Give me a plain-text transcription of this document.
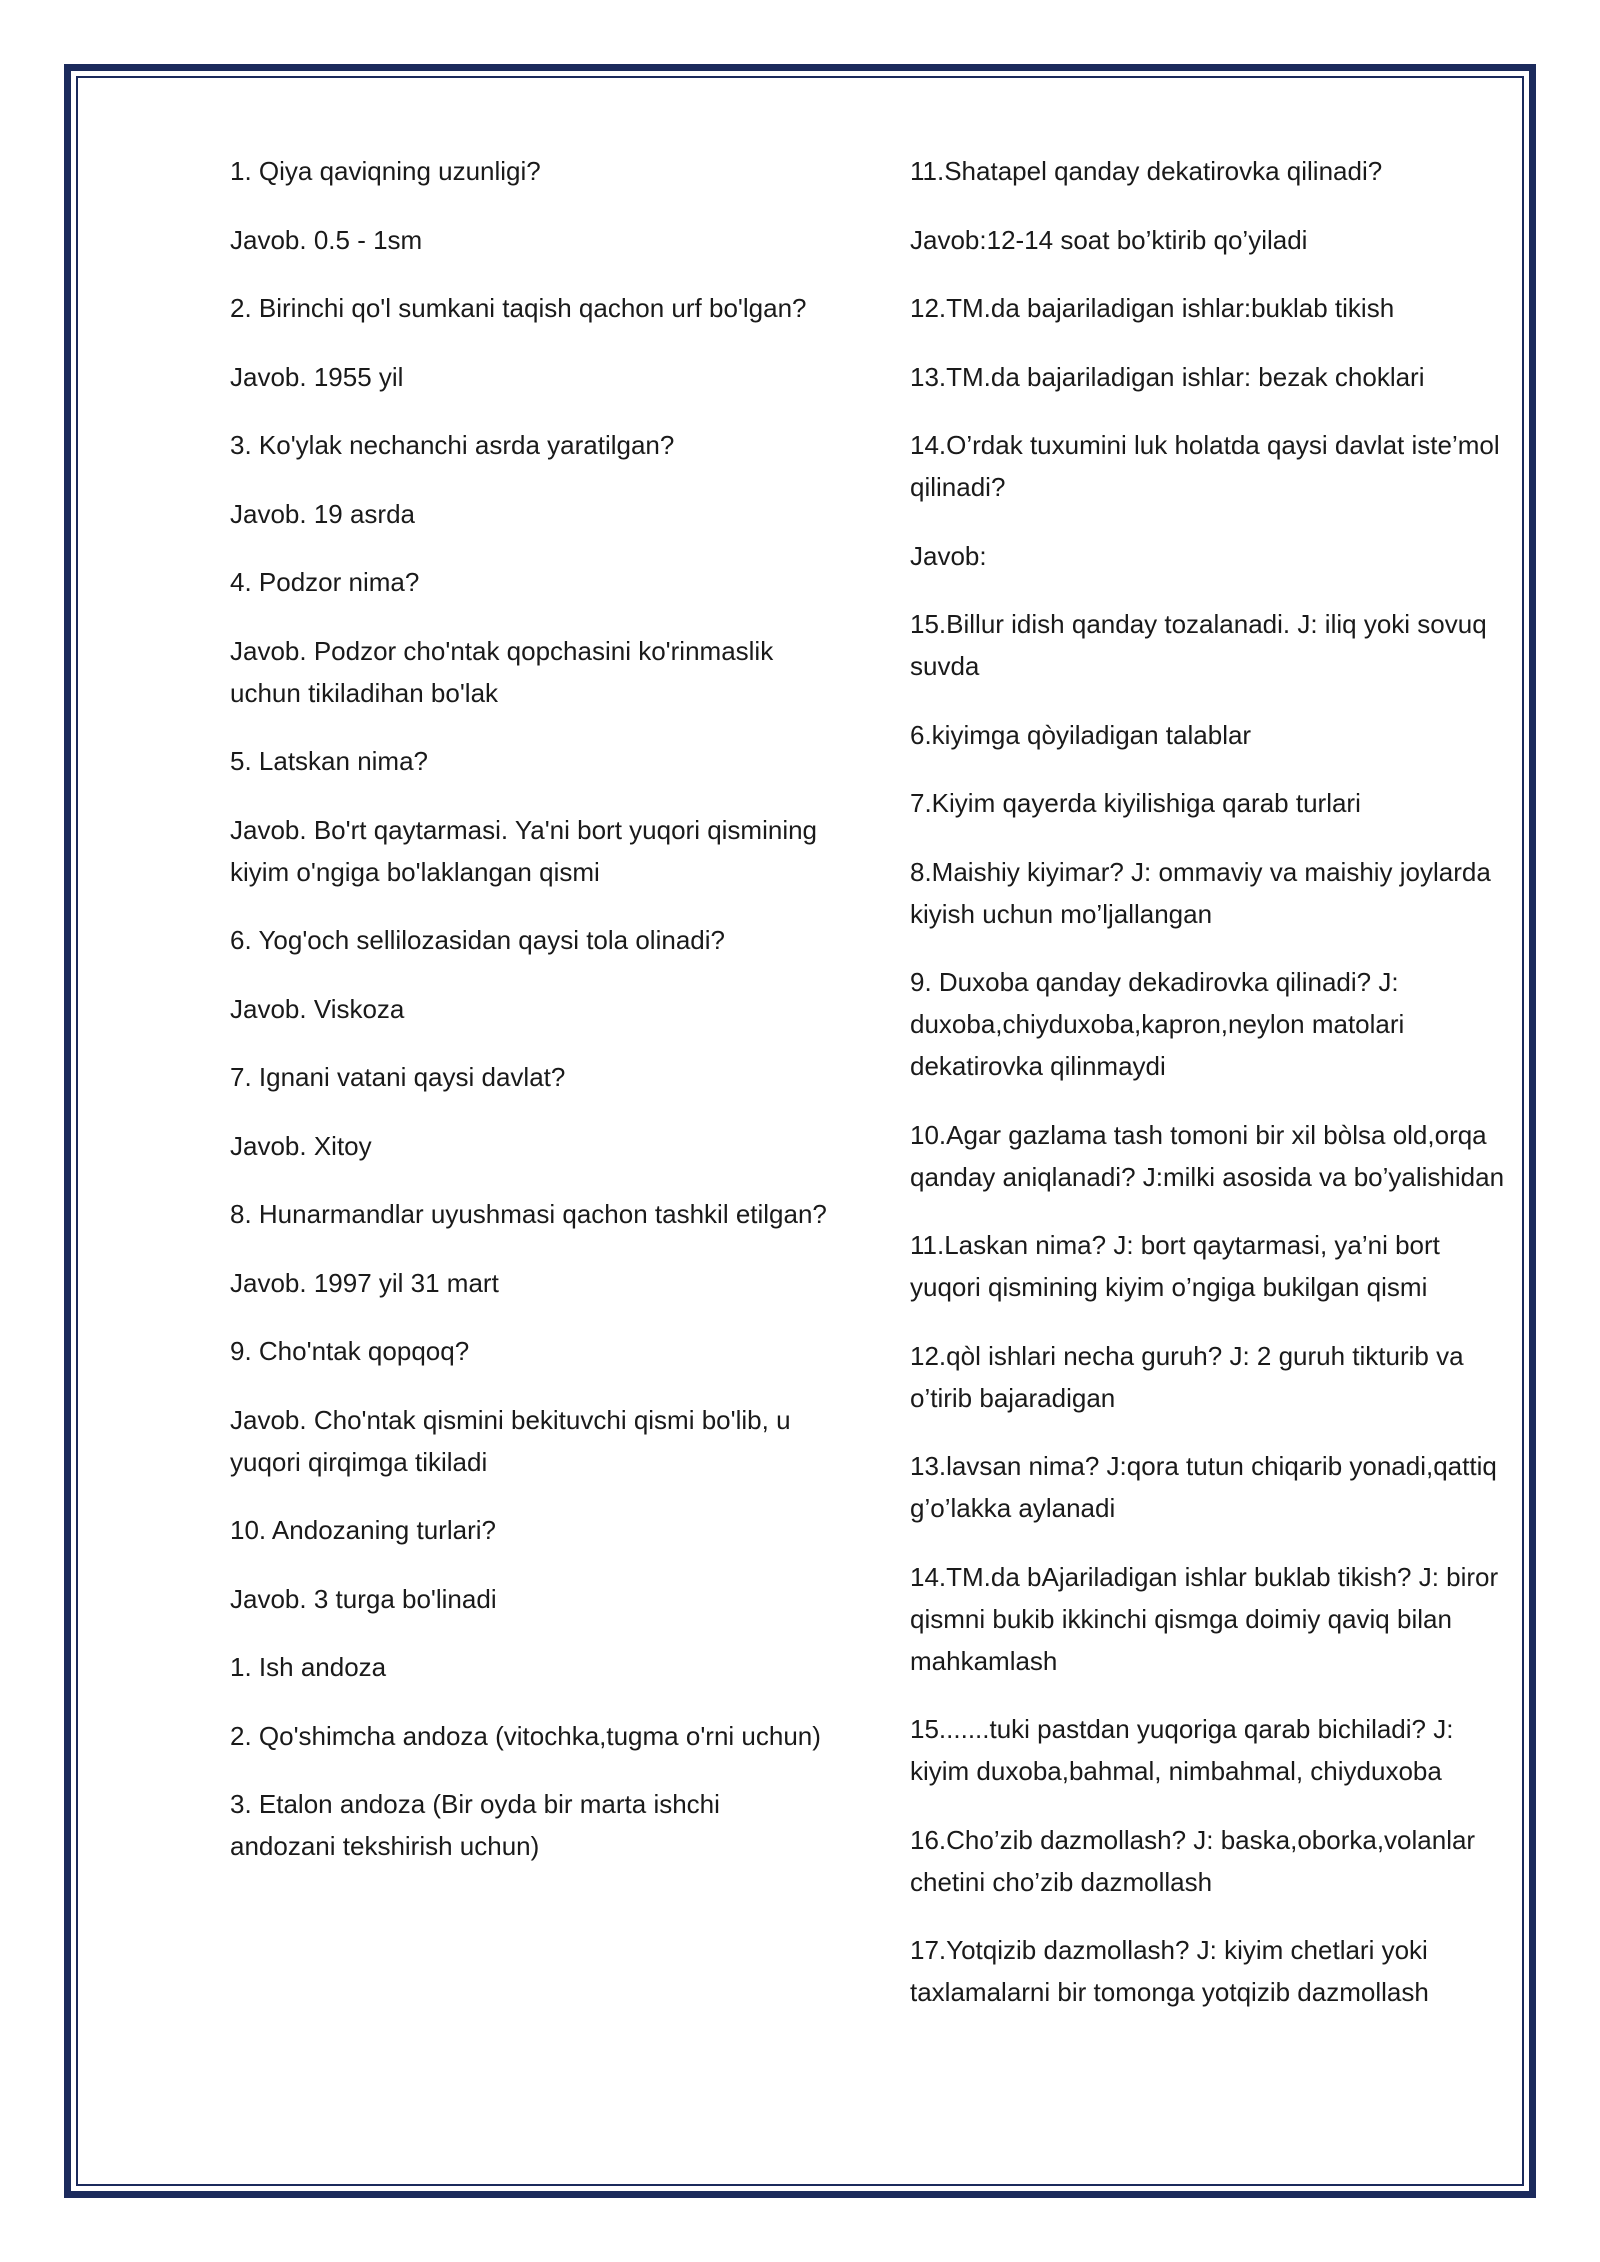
1. Qiya qaviqning uzunligi?
Javob. 0.5 - 1sm
2. Birinchi qo'l sumkani taqish qachon urf bo'lgan?
Javob. 1955 yil
3. Ko'ylak nechanchi asrda yaratilgan?
Javob. 19 asrda
4. Podzor nima?
Javob. Podzor cho'ntak qopchasini ko'rinmaslik uchun tikiladihan bo'lak
5. Latskan nima?
Javob. Bo'rt qaytarmasi. Ya'ni bort yuqori qismining kiyim o'ngiga bo'laklangan qismi
6. Yog'och sellilozasidan qaysi tola olinadi?
Javob. Viskoza
7. Ignani vatani qaysi davlat?
Javob. Xitoy
8. Hunarmandlar uyushmasi qachon tashkil etilgan?
Javob. 1997 yil 31 mart
9. Cho'ntak qopqoq?
Javob. Cho'ntak qismini bekituvchi qismi bo'lib, u yuqori qirqimga tikiladi
10. Andozaning turlari?
Javob. 3 turga bo'linadi
1. Ish andoza
2. Qo'shimcha andoza (vitochka,tugma o'rni uchun)
3. Etalon andoza (Bir oyda bir marta ishchi andozani tekshirish uchun)
11.Shatapel qanday dekatirovka qilinadi?
Javob:12-14 soat bo’ktirib qo’yiladi
12.TM.da bajariladigan ishlar:buklab tikish
13.TM.da bajariladigan ishlar: bezak choklari
14.O’rdak tuxumini luk holatda qaysi davlat iste’mol qilinadi?
Javob:
15.Billur idish qanday tozalanadi. J: iliq yoki sovuq suvda
6.kiyimga qòyiladigan talablar
7.Kiyim qayerda kiyilishiga qarab turlari
8.Maishiy kiyimar? J: ommaviy va maishiy joylarda kiyish uchun mo’ljallangan
9. Duxoba qanday dekadirovka qilinadi? J: duxoba,chiyduxoba,kapron,neylon matolari dekatirovka qilinmaydi
10.Agar gazlama tash tomoni bir xil bòlsa old,orqa qanday aniqlanadi? J:milki asosida va bo’yalishidan
11.Laskan nima? J: bort qaytarmasi, ya’ni bort yuqori qismining kiyim o’ngiga bukilgan qismi
12.qòl ishlari necha guruh? J: 2 guruh tikturib va o’tirib bajaradigan
13.lavsan nima? J:qora tutun chiqarib yonadi,qattiq g’o’lakka aylanadi
14.TM.da bAjariladigan ishlar buklab tikish? J: biror qismni bukib ikkinchi qismga doimiy qaviq bilan mahkamlash
15.......tuki pastdan yuqoriga qarab bichiladi? J: kiyim duxoba,bahmal, nimbahmal, chiyduxoba
16.Cho’zib dazmollash? J: baska,oborka,volanlar chetini cho’zib dazmollash
17.Yotqizib dazmollash? J: kiyim chetlari yoki taxlamalarni bir tomonga yotqizib dazmollash
